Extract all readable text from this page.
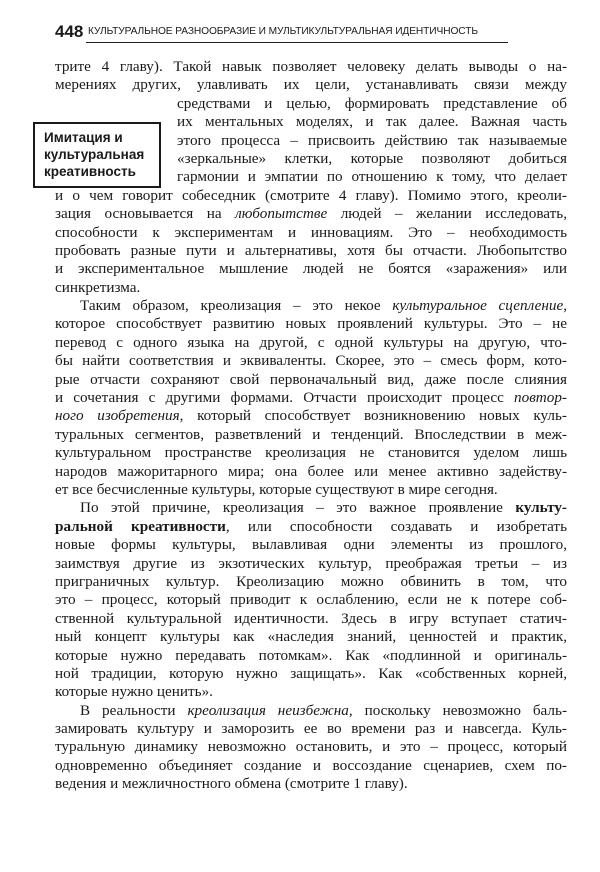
448 КУЛЬТУРАЛЬНОЕ РАЗНООБРАЗИЕ И МУЛЬТИКУЛЬТУРАЛЬНАЯ ИДЕНТИЧНОСТЬ
Имитация и
культуральная
креативность
трите 4 главу). Такой навык позволяет человеку делать выводы о на-
мерениях других, улавливать их цели, устанавливать связи между
средствами и целью, формировать представление об
их ментальных моделях, и так далее. Важная часть
этого процесса – присвоить действию так называемые
«зеркальные» клетки, которые позволяют добиться
гармонии и эмпатии по отношению к тому, что делает
и о чем говорит собеседник (смотрите 4 главу). Помимо этого, креоли-
зация основывается на любопытстве людей – желании исследовать,
способности к экспериментам и инновациям. Это – необходимость
пробовать разные пути и альтернативы, хотя бы отчасти. Любопытство
и экспериментальное мышление людей не боятся «заражения» или
синкретизма.
Таким образом, креолизация – это некое культуральное сцепление,
которое способствует развитию новых проявлений культуры. Это – не
перевод с одного языка на другой, с одной культуры на другую, что-
бы найти соответствия и эквиваленты. Скорее, это – смесь форм, кото-
рые отчасти сохраняют свой первоначальный вид, даже после слияния
и сочетания с другими формами. Отчасти происходит процесс повтор-
ного изобретения, который способствует возникновению новых куль-
туральных сегментов, разветвлений и тенденций. Впоследствии в меж-
культуральном пространстве креолизация не становится уделом лишь
народов мажоритарного мира; она более или менее активно задейству-
ет все бесчисленные культуры, которые существуют в мире сегодня.
По этой причине, креолизация – это важное проявление культу-
ральной креативности, или способности создавать и изобретать
новые формы культуры, вылавливая одни элементы из прошлого,
заимствуя другие из экзотических культур, преображая третьи – из
приграничных культур. Креолизацию можно обвинить в том, что
это – процесс, который приводит к ослаблению, если не к потере соб-
ственной культуральной идентичности. Здесь в игру вступает статич-
ный концепт культуры как «наследия знаний, ценностей и практик,
которые нужно передавать потомкам». Как «подлинной и оригиналь-
ной традиции, которую нужно защищать». Как «собственных корней,
которые нужно ценить».
В реальности креолизация неизбежна, поскольку невозможно баль-
замировать культуру и заморозить ее во времени раз и навсегда. Куль-
туральную динамику невозможно остановить, и это – процесс, который
одновременно объединяет создание и воссоздание сценариев, схем по-
ведения и межличностного обмена (смотрите 1 главу).
